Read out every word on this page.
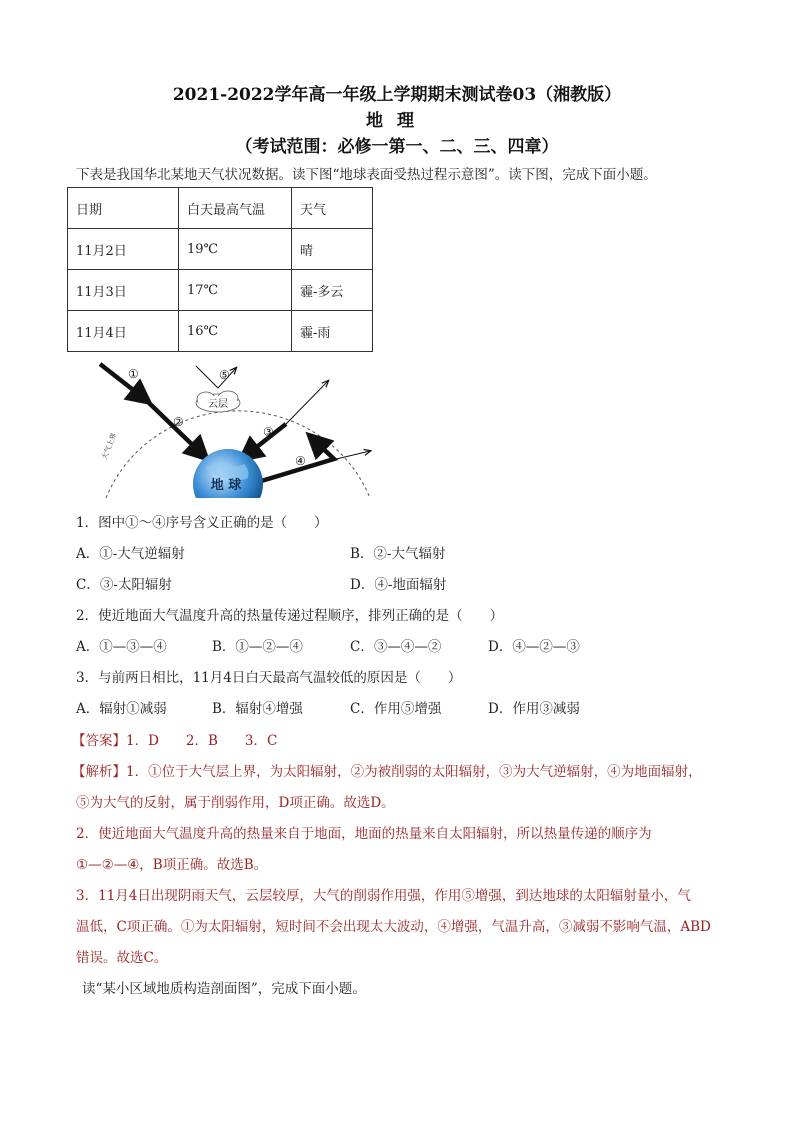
2021-2022学年高一年级上学期期末测试卷03（湘教版）
地理
（考试范围：必修一第一、二、三、四章）
下表是我国华北某地天气状况数据。读下图“地球表面受热过程示意图”。读下图，完成下面小题。
日期	白天最高气温	天气
11月2日	19℃	晴
11月3日	17℃	霾-多云
11月4日	16℃	霾-雨
大气上界
云层
地 球
①
②
③
④
⑤
1．图中①～④序号含义正确的是（　　）
A．①-大气逆辐射	B．②-大气辐射
C．③-太阳辐射	D．④-地面辐射
2．使近地面大气温度升高的热量传递过程顺序，排列正确的是（　　）
A．①—③—④	B．①—②—④	C．③—④—②	D．④—②—③
3．与前两日相比，11月4日白天最高气温较低的原因是（　　）
A．辐射①减弱	B．辐射④增强	C．作用⑤增强	D．作用③减弱
【答案】1．D　　2．B　　3．C
【解析】1．①位于大气层上界，为太阳辐射，②为被削弱的太阳辐射，③为大气逆辐射，④为地面辐射，
⑤为大气的反射，属于削弱作用，D项正确。故选D。
2．使近地面大气温度升高的热量来自于地面，地面的热量来自太阳辐射，所以热量传递的顺序为
①—②—④，B项正确。故选B。
3．11月4日出现阴雨天气，云层较厚，大气的削弱作用强，作用⑤增强，到达地球的太阳辐射量小，气
温低，C项正确。①为太阳辐射，短时间不会出现太大波动，④增强，气温升高，③减弱不影响气温，ABD
错误。故选C。
读“某小区域地质构造剖面图”，完成下面小题。
